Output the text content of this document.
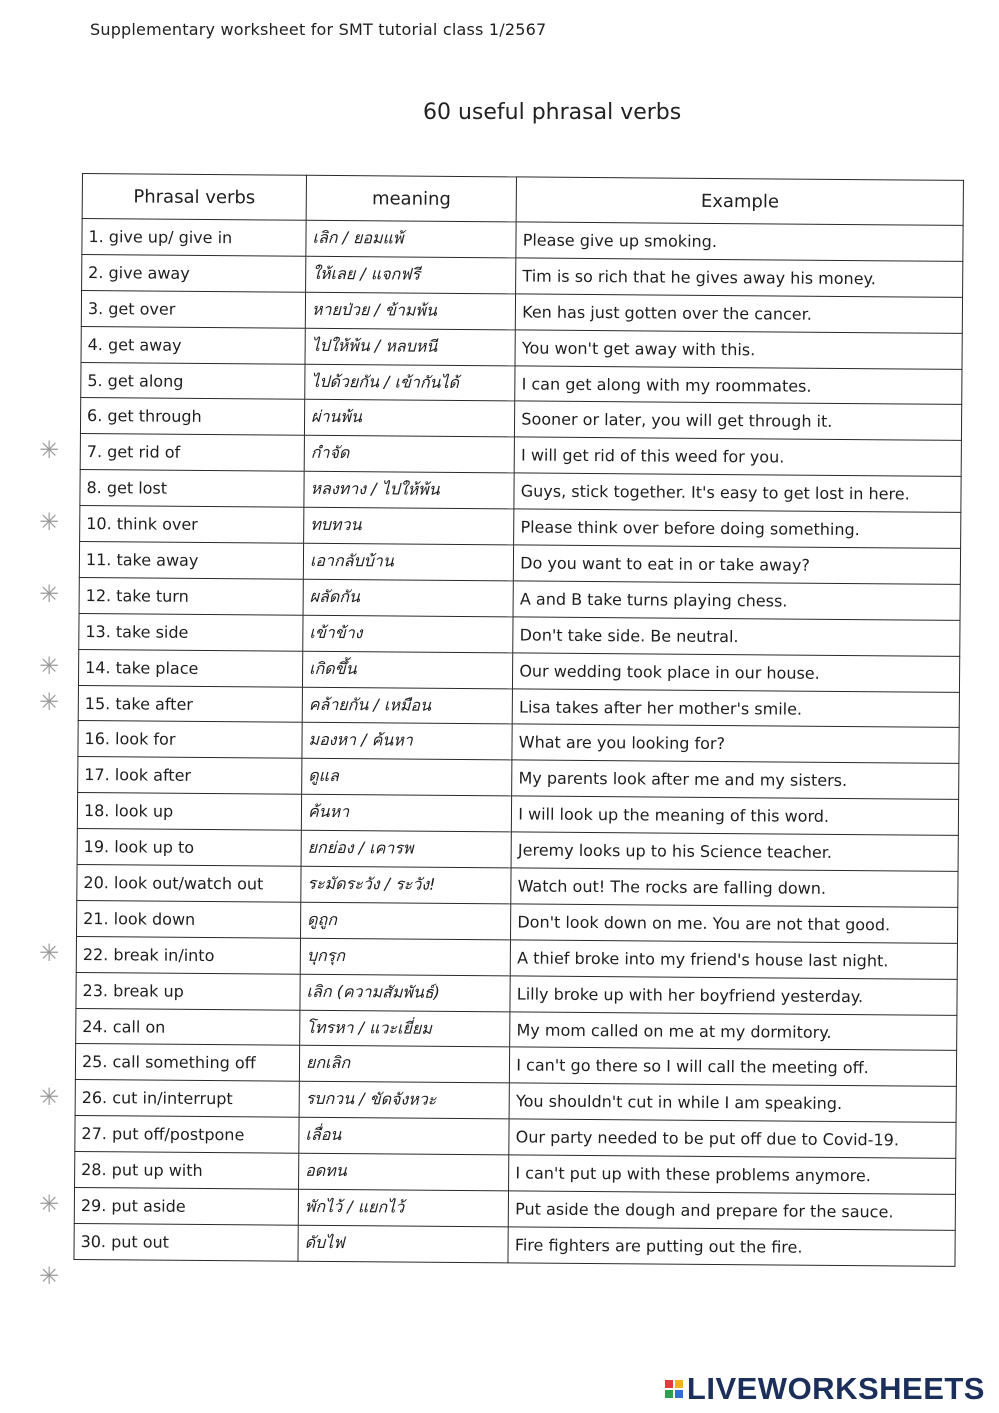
Supplementary worksheet for SMT tutorial class 1/2567
60 useful phrasal verbs
Phrasal verbs	meaning	Example
1. give up/ give in	เลิก / ยอมแพ้	Please give up smoking.
2. give away	ให้เลย / แจกฟรี	Tim is so rich that he gives away his money.
3. get over	หายป่วย / ข้ามพ้น	Ken has just gotten over the cancer.
4. get away	ไปให้พ้น / หลบหนี	You won't get away with this.
5. get along	ไปด้วยกัน / เข้ากันได้	I can get along with my roommates.
6. get through	ผ่านพ้น	Sooner or later, you will get through it.
7. get rid of	กำจัด	I will get rid of this weed for you.
8. get lost	หลงทาง / ไปให้พ้น	Guys, stick together. It's easy to get lost in here.
10. think over	ทบทวน	Please think over before doing something.
11. take away	เอากลับบ้าน	Do you want to eat in or take away?
12. take turn	ผลัดกัน	A and B take turns playing chess.
13. take side	เข้าข้าง	Don't take side. Be neutral.
14. take place	เกิดขึ้น	Our wedding took place in our house.
15. take after	คล้ายกัน / เหมือน	Lisa takes after her mother's smile.
16. look for	มองหา / ค้นหา	What are you looking for?
17. look after	ดูแล	My parents look after me and my sisters.
18. look up	ค้นหา	I will look up the meaning of this word.
19. look up to	ยกย่อง / เคารพ	Jeremy looks up to his Science teacher.
20. look out/watch out	ระมัดระวัง / ระวัง!	Watch out! The rocks are falling down.
21. look down	ดูถูก	Don't look down on me. You are not that good.
22. break in/into	บุกรุก	A thief broke into my friend's house last night.
23. break up	เลิก (ความสัมพันธ์)	Lilly broke up with her boyfriend yesterday.
24. call on	โทรหา / แวะเยี่ยม	My mom called on me at my dormitory.
25. call something off	ยกเลิก	I can't go there so I will call the meeting off.
26. cut in/interrupt	รบกวน / ขัดจังหวะ	You shouldn't cut in while I am speaking.
27. put off/postpone	เลื่อน	Our party needed to be put off due to Covid-19.
28. put up with	อดทน	I can't put up with these problems anymore.
29. put aside	พักไว้ / แยกไว้	Put aside the dough and prepare for the sauce.
30. put out	ดับไฟ	Fire fighters are putting out the fire.
✳
✳
✳
✳
✳
✳
✳
✳
✳
LIVEWORKSHEETS
